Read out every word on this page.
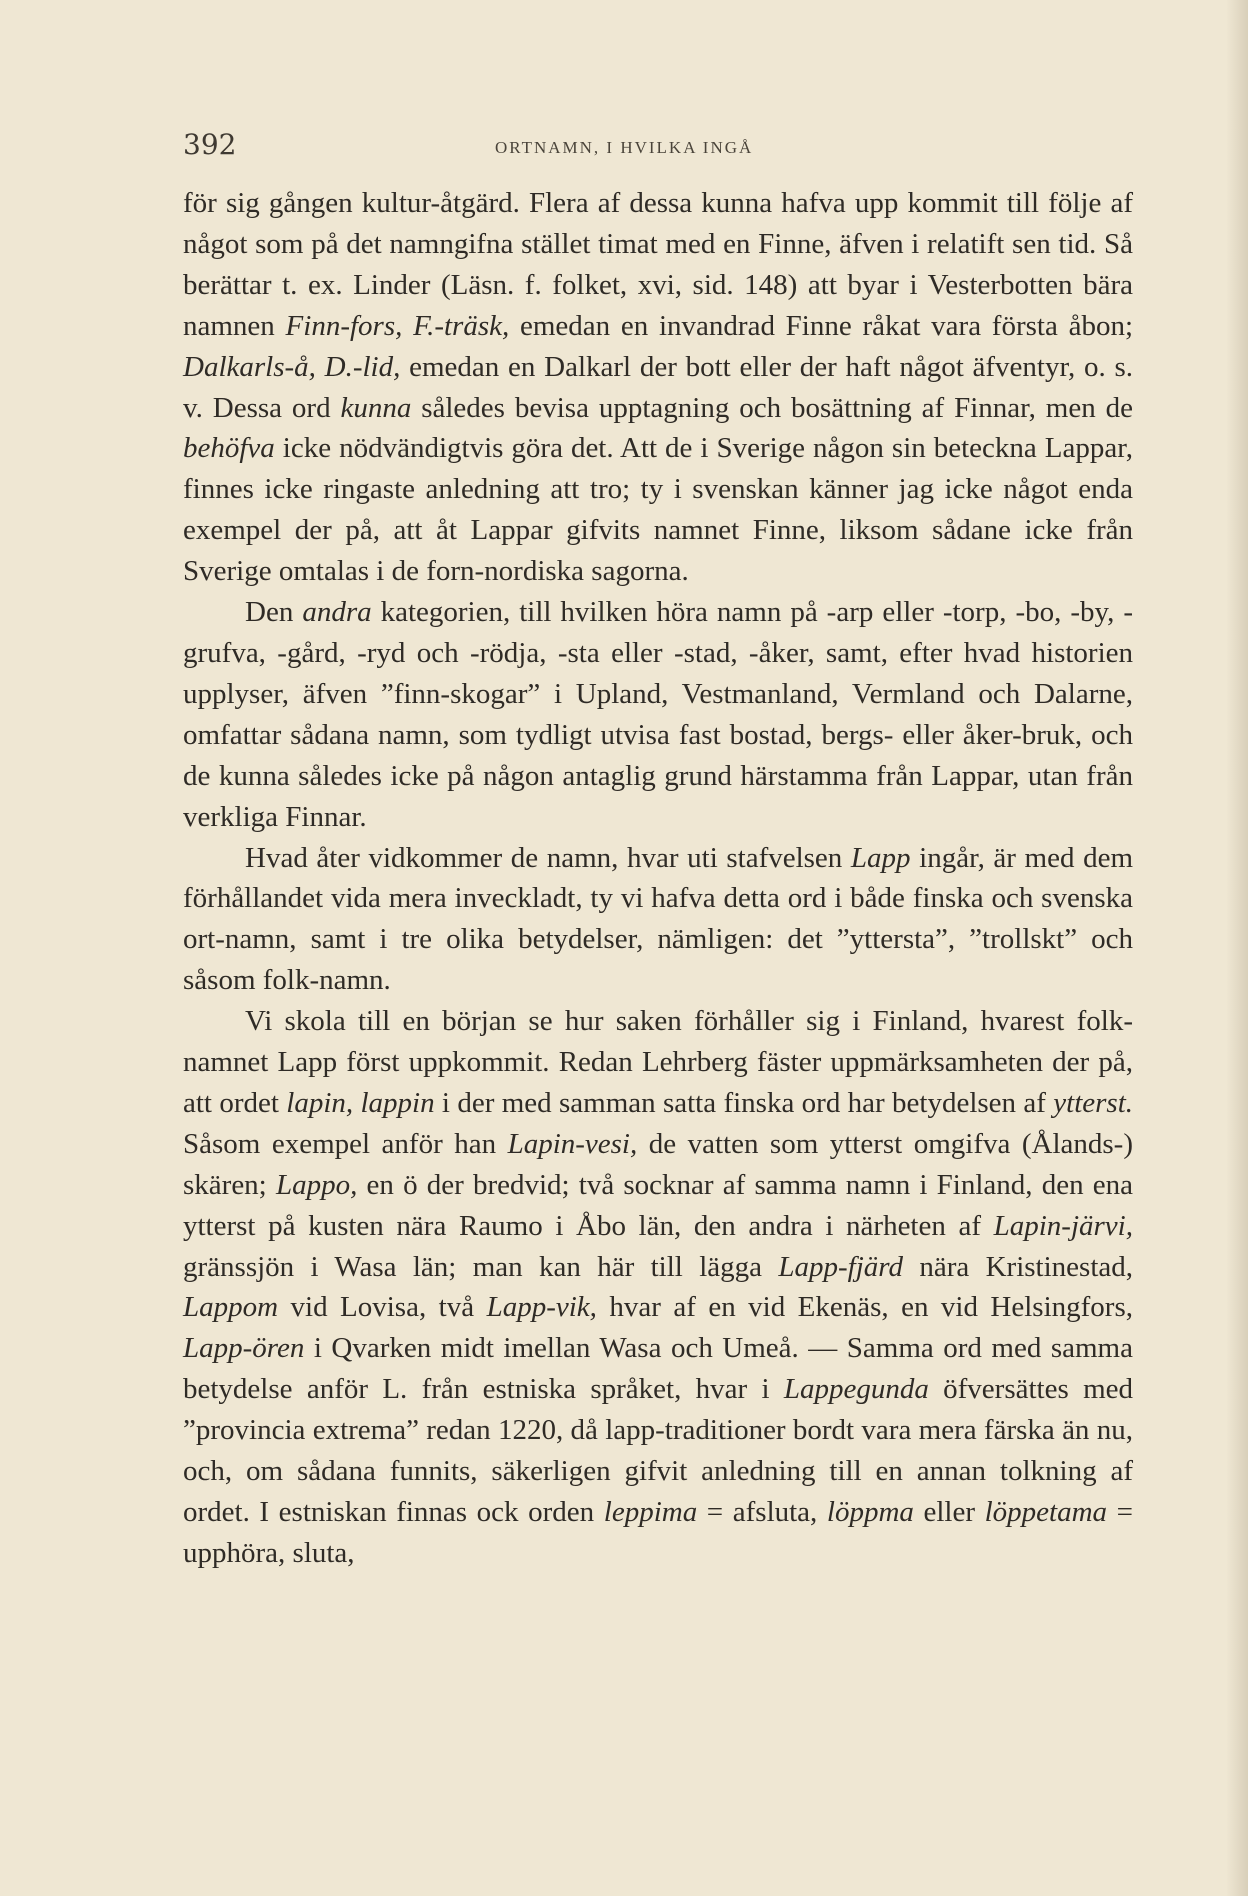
392	ORTNAMN, I HVILKA INGÅ

för sig gången kultur-åtgärd. Flera af dessa kunna hafva upp kommit till följe af något som på det namngifna stället timat med en Finne, äfven i relatift sen tid. Så berättar t. ex. Linder (Läsn. f. folket, xvi, sid. 148) att byar i Vesterbotten bära namnen Finn-fors, F.-träsk, emedan en invandrad Finne råkat vara första åbon; Dalkarls-å, D.-lid, emedan en Dalkarl der bott eller der haft något äfventyr, o. s. v. Dessa ord kunna således bevisa upptagning och bosättning af Finnar, men de behöfva icke nödvändigtvis göra det. Att de i Sverige någon sin beteckna Lappar, finnes icke ringaste anledning att tro; ty i svenskan känner jag icke något enda exempel der på, att åt Lappar gifvits namnet Finne, liksom sådane icke från Sverige omtalas i de forn-nordiska sagorna.

Den andra kategorien, till hvilken höra namn på -arp eller -torp, -bo, -by, -grufva, -gård, -ryd och -rödja, -sta eller -stad, -åker, samt, efter hvad historien upplyser, äfven ”finn-skogar” i Upland, Vestmanland, Vermland och Dalarne, omfattar sådana namn, som tydligt utvisa fast bostad, bergs- eller åker-bruk, och de kunna således icke på någon antaglig grund härstamma från Lappar, utan från verkliga Finnar.

Hvad åter vidkommer de namn, hvar uti stafvelsen Lapp ingår, är med dem förhållandet vida mera inveckladt, ty vi hafva detta ord i både finska och svenska ort-namn, samt i tre olika betydelser, nämligen: det ”yttersta”, ”trollskt” och såsom folk-namn.

Vi skola till en början se hur saken förhåller sig i Finland, hvarest folk-namnet Lapp först uppkommit. Redan Lehrberg fäster uppmärksamheten der på, att ordet lapin, lappin i der med samman satta finska ord har betydelsen af ytterst. Såsom exempel anför han Lapin-vesi, de vatten som ytterst omgifva (Ålands-) skären; Lappo, en ö der bredvid; två socknar af samma namn i Finland, den ena ytterst på kusten nära Raumo i Åbo län, den andra i närheten af Lapin-järvi, gränssjön i Wasa län; man kan här till lägga Lapp-fjärd nära Kristinestad, Lappom vid Lovisa, två Lapp-vik, hvar af en vid Ekenäs, en vid Helsingfors, Lapp-ören i Qvarken midt imellan Wasa och Umeå. — Samma ord med samma betydelse anför L. från estniska språket, hvar i Lappegunda öfversättes med ”provincia extrema” redan 1220, då lapp-traditioner bordt vara mera färska än nu, och, om sådana funnits, säkerligen gifvit anledning till en annan tolkning af ordet. I estniskan finnas ock orden leppima = afsluta, löppma eller löppetama = upphöra, sluta,
